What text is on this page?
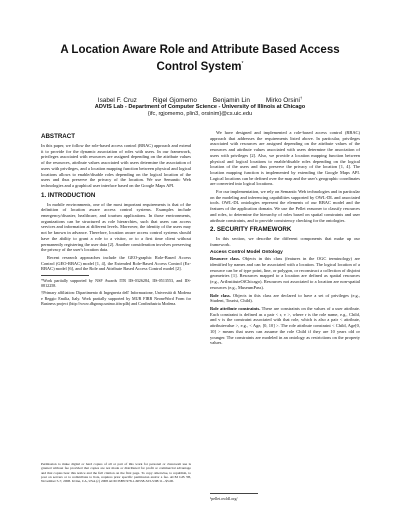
A Location Aware Role and Attribute Based Access
Control System*
Isabel F. Cruz	Rigel Gjomemo	Benjamin Lin	Mirko Orsini†
ADVIS Lab - Department of Computer Science - University of Illinois at Chicago
{ifc, rgjomemo, plin3, orsinim}@cs.uic.edu
ABSTRACT

In this paper, we follow the role-based access control (RBAC) approach and extend it to provide for the dynamic association of roles with users. In our framework, privileges associated with resources are assigned depending on the attribute values of the resources, attribute values associated with users determine the association of users with privileges, and a location mapping function between physical and logical locations allows to enable/disable roles depending on the logical location of the users and thus preserve the privacy of the location. We use Semantic Web technologies and a graphical user interface based on the Google Maps API.

1. INTRODUCTION

In mobile environments, one of the most important requirements is that of the definition of location aware access control systems. Examples include emergency/disaster, healthcare, and tourism applications. In those environments, organizations can be structured as role hierarchies, such that users can access services and information at different levels. Moreover, the identity of the users may not be known in advance. Therefore, location aware access control systems should have the ability to grant a role to a visitor, or to a first time client without permanently registering the user data [2]. Another consideration involves preserving the privacy of the user's location data.

Recent research approaches include the GEO-graphic Role-Based Access Control (GEO-RBAC) model [1, 4], the Extended Role-Based Access Control (Ex-RBAC) model [6], and the Role and Attribute Based Access Control model [2].

*Work partially supported by NSF Awards ITR IIS-0326284, IIS-0513553, and IIS-0812258.

†Primary affiliation: Dipartimento di Ingegneria dell' Informazione, Università di Modena e Reggio Emilia, Italy. Work partially supported by MUR FIRB NeoneWord Form for Business project (http://www.dbgroup.unimo.it/nrp4b) and Confindustria Modena.

Permission to make digital or hard copies of all or part of this work for personal or classroom use is granted without fee provided that copies are not made or distributed for profit or commercial advantage and that copies bear this notice and the full citation on the first page. To copy otherwise, to republish, to post on servers or to redistribute to lists, requires prior specific permission and/or a fee. ACM GIS '08, November 5-7, 2008. Irvine, CA, USA (c) 2008 ACM ISBN 978-1-60558-323-5/08/11...$5.00.

We have designed and implemented a role-based access control (RBAC) approach that addresses the requirements listed above. In particular, privileges associated with resources are assigned depending on the attribute values of the resources and attribute values associated with users determine the association of users with privileges [2]. Also, we provide a location mapping function between physical and logical locations to enable/disable roles depending on the logical location of the users and thus preserve the privacy of the location [1, 4]. The location mapping function is implemented by extending the Google Maps API. Logical locations can be defined over the map and the user's geographic coordinates are converted into logical locations.

For our implementation, we rely on Semantic Web technologies and in particular on the modeling and inferencing capabilities supported by OWL-DL and associated tools. OWL-DL ontologies represent the elements of our RBAC model and the features of the application domain. We use the Pellet reasoner to classify resources and roles, to determine the hierarchy of roles based on spatial constraints and user attribute constraints, and to provide consistency checking for the ontologies.

2. SECURITY FRAMEWORK

In this section, we describe the different components that make up our framework.

Access Control Model Ontology

Resource class. Objects in this class (features in the OGC terminology) are identified by names and can be associated with a location. The logical location of a resource can be of type point, line, or polygon, or reconstruct a collection of disjoint geometries [1]. Resources mapped to a location are defined as spatial resources (e.g., ArtInstituteOfChicago). Resources not associated to a location are non-spatial resources (e.g., MuseumPass).

Role class. Objects in this class are declared to have a set of privileges (e.g., Student, Tourist, Child).

Role attribute constraints. These are constraints on the values of a user attribute. Each constraint is defined as a pair < r, v >, where r is the role name, e.g., Child, and v is the constraint associated with that role, which is also a pair < attribute, attributevalue >, e.g., < Age, [0, 10] >. The role attribute constraint < Child, Age[0, 10] > means that users can assume the role Child if they are 10 years old or younger. The constraints are modeled in an ontology as restrictions on the property values.

¹pellet.owldl.org/
